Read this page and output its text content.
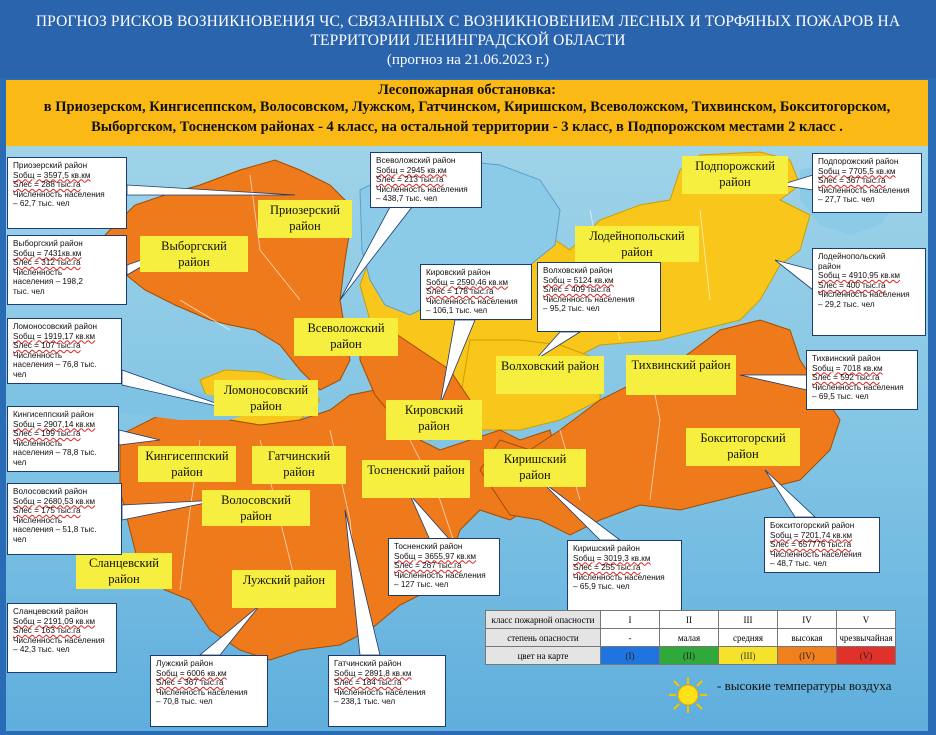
ПРОГНОЗ РИСКОВ ВОЗНИКНОВЕНИЯ ЧС, СВЯЗАННЫХ С ВОЗНИКНОВЕНИЕМ ЛЕСНЫХ И ТОРФЯНЫХ ПОЖАРОВ НА ТЕРРИТОРИИ ЛЕНИНГРАДСКОЙ ОБЛАСТИ
(прогноз на 21.06.2023 г.)
Лесопожарная обстановка:
в Приозерском, Кингисеппском, Волосовском, Лужском, Гатчинском, Киришском, Всеволожском, Тихвинском, Бокситогорском, Выборгском, Тосненском районах - 4 класс, на остальной территории - 3 класс, в Подпорожском местами 2 класс .
Приозерский район
Выборгский район
Ломоносовский район
Кингисеппский район
Волосовский район
Сланцевский район	Лужский район
Гатчинский район	Тосненский район
Всеволожский район
Кировский район
Волховский район
Киришский район
Подпорожский район
Лодейнопольский район
Тихвинский район
Бокситогорский район
Приозерский район
Sобщ = 3597,5 кв.км
Sлес = 288 тыс.га
Численность населения
– 62,7 тыс. чел
Выборгский район
Sобщ = 7431кв.км
Sлес = 312 тыс.га
Численность
населения – 198,2
тыс. чел
Ломоносовский район
Sобщ = 1919,17 кв.км
Sлес = 107 тыс.га
Численность
населения – 76,8 тыс.
чел
Кингисеппский район
Sобщ = 2907,14 кв.км
Sлес = 199 тыс.га
Численность
населения – 78,8 тыс.
чел
Волосовский район
Sобщ = 2680,53 кв.км
Sлес = 175 тыс.га
Численность
населения – 51,8 тыс.
чел
Сланцевский район
Sобщ = 2191,09 кв.км
Sлес = 163 тыс.га
Численность населения
– 42,3 тыс. чел
Лужский район
Sобщ = 6006 кв.км
Sлес = 367 тыс.га
Численность населения
– 70,8 тыс. чел
Гатчинский район
Sобщ = 2891,8 кв.км
Sлес = 184 тыс.га
Численность населения
– 238,1 тыс. чел
Тосненский район
Sобщ = 3655,97 кв.км
Sлес = 267 тыс.га
Численность населения
– 127 тыс. чел
Всеволожский район
Sобщ = 2945 кв.км
Sлес = 213 тыс.га
Численность населения
– 438,7 тыс. чел
Кировский район
Sобщ = 2590,46 кв.км
Sлес = 178 тыс.га
Численность населения
– 106,1 тыс. чел
Волховский район
Sобщ = 5124 кв.км
Sлес = 409 тыс.га
Численность населения
– 95,2 тыс. чел
Киришский район
Sобщ = 3019,3 кв.км
Sлес = 255 тыс.га
Численность населения
– 65,9 тыс. чел
Подпорожский район
Sобщ = 7705,5 кв.км
Sлес = 367 тыс.га
Численность населения
– 27,7 тыс. чел
Лодейнопольский
район
Sобщ = 4910,95 кв.км
Sлес = 400 тыс.га
Численность населения
– 29,2 тыс. чел
Тихвинский район
Sобщ = 7018 кв.км
Sлес = 592 тыс.га
Численность населения
– 69,5 тыс. чел
Бокситогорский район
Sобщ = 7201,74 кв.км
Sлес = 657776 тыс.га
Численность населения
– 48,7 тыс. чел
класс пожарной опасности	I	II	III	IV	V
степень опасности	-	малая	средняя	высокая	чрезвычайная
цвет на карте	(I)	(II)	(III)	(IV)	(V)
- высокие температуры воздуха
